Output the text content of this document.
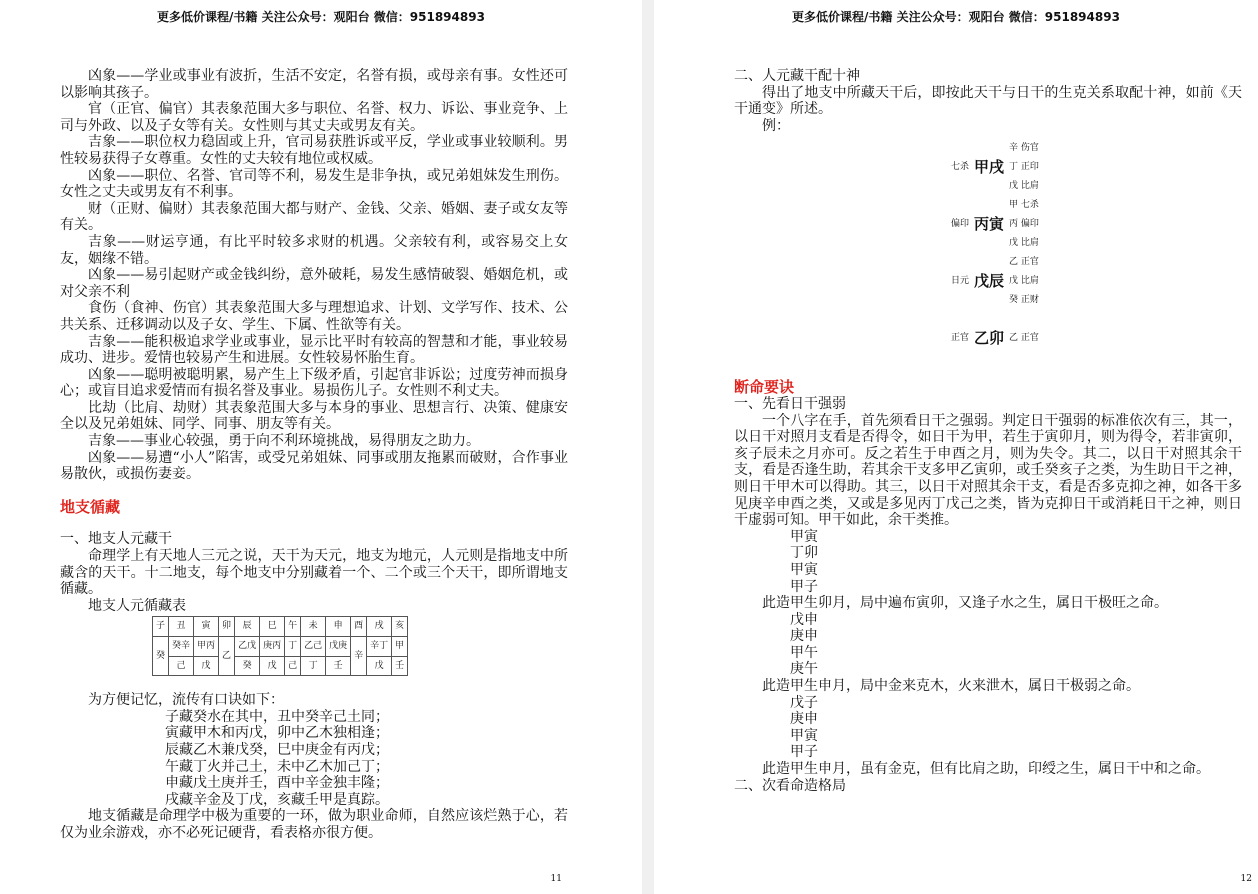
更多低价课程/书籍 关注公众号：观阳台 微信：951894893

凶象——学业或事业有波折，生活不安定，名誉有损，或母亲有事。女性还可以影响其孩子。

官（正官、偏官）其表象范围大多与职位、名誉、权力、诉讼、事业竞争、上司与外政、以及子女等有关。女性则与其丈夫或男友有关。

吉象——职位权力稳固或上升，官司易获胜诉或平反，学业或事业较顺利。男性较易获得子女尊重。女性的丈夫较有地位或权威。

凶象——职位、名誉、官司等不利，易发生是非争执，或兄弟姐妹发生刑伤。女性之丈夫或男友有不利事。

财（正财、偏财）其表象范围大都与财产、金钱、父亲、婚姻、妻子或女友等有关。

吉象——财运亨通，有比平时较多求财的机遇。父亲较有利，或容易交上女友，姻缘不错。

凶象——易引起财产或金钱纠纷，意外破耗，易发生感情破裂、婚姻危机，或对父亲不利

食伤（食神、伤官）其表象范围大多与理想追求、计划、文学写作、技术、公共关系、迁移调动以及子女、学生、下属、性欲等有关。

吉象——能积极追求学业或事业，显示比平时有较高的智慧和才能，事业较易成功、进步。爱情也较易产生和进展。女性较易怀胎生育。

凶象——聪明被聪明累，易产生上下级矛盾，引起官非诉讼；过度劳神而损身心；或盲目追求爱情而有损名誉及事业。易损伤儿子。女性则不利丈夫。

比劫（比肩、劫财）其表象范围大多与本身的事业、思想言行、决策、健康安全以及兄弟姐妹、同学、同事、朋友等有关。

吉象——事业心较强，勇于向不利环境挑战，易得朋友之助力。

凶象——易遭“小人”陷害，或受兄弟姐妹、同事或朋友拖累而破财，合作事业易散伙，或损伤妻妾。

地支循藏

一、地支人元藏干

命理学上有天地人三元之说，天干为天元，地支为地元，人元则是指地支中所藏含的天干。十二地支，每个地支中分别藏着一个、二个或三个天干，即所谓地支循藏。

地支人元循藏表

子	丑	寅	卯	辰	巳	午	未	申	酉	戌	亥
癸	癸辛	甲丙	乙	乙戊	庚丙	丁	乙己	戊庚	辛	辛丁	甲
	己	戊		癸	戊	己	丁	壬		戊	壬

为方便记忆，流传有口诀如下：

子藏癸水在其中，丑中癸辛己土同；

寅藏甲木和丙戊，卯中乙木独相逢；

辰藏乙木兼戊癸，巳中庚金有丙戊；

午藏丁火并己土，未中乙木加己丁；

申藏戊土庚并壬，酉中辛金独丰隆；

戌藏辛金及丁戊，亥藏壬甲是真踪。

地支循藏是命理学中极为重要的一环，做为职业命师，自然应该烂熟于心，若仅为业余游戏，亦不必死记硬背，看表格亦很方便。

11
更多低价课程/书籍 关注公众号：观阳台 微信：951894893

二、人元藏干配十神

得出了地支中所藏天干后，即按此天干与日干的生克关系取配十神，如前《天干通变》所述。

例：

辛 伤官
七杀 甲戌 丁 正印
戊 比肩
甲 七杀
偏印 丙寅 丙 偏印
戊 比肩
乙 正官
日元 戊辰 戊 比肩
癸 正财
正官 乙卯 乙 正官

断命要诀

一、先看日干强弱

一个八字在手，首先须看日干之强弱。判定日干强弱的标准依次有三，其一，以日干对照月支看是否得令，如日干为甲，若生于寅卯月，则为得令，若非寅卯，亥子辰未之月亦可。反之若生于申酉之月，则为失令。其二，以日干对照其余干支，看是否逢生助，若其余干支多甲乙寅卯，或壬癸亥子之类，为生助日干之神，则日干甲木可以得助。其三，以日干对照其余干支，看是否多克抑之神，如各干多见庚辛申酉之类，又或是多见丙丁戊己之类，皆为克抑日干或消耗日干之神，则日干虚弱可知。甲干如此，余干类推。

甲寅

丁卯

甲寅

甲子

此造甲生卯月，局中遍布寅卯，又逢子水之生，属日干极旺之命。

戊申

庚申

甲午

庚午

此造甲生申月，局中金来克木，火来泄木，属日干极弱之命。

戊子

庚申

甲寅

甲子

此造甲生申月，虽有金克，但有比肩之助，印绶之生，属日干中和之命。

二、次看命造格局

12
